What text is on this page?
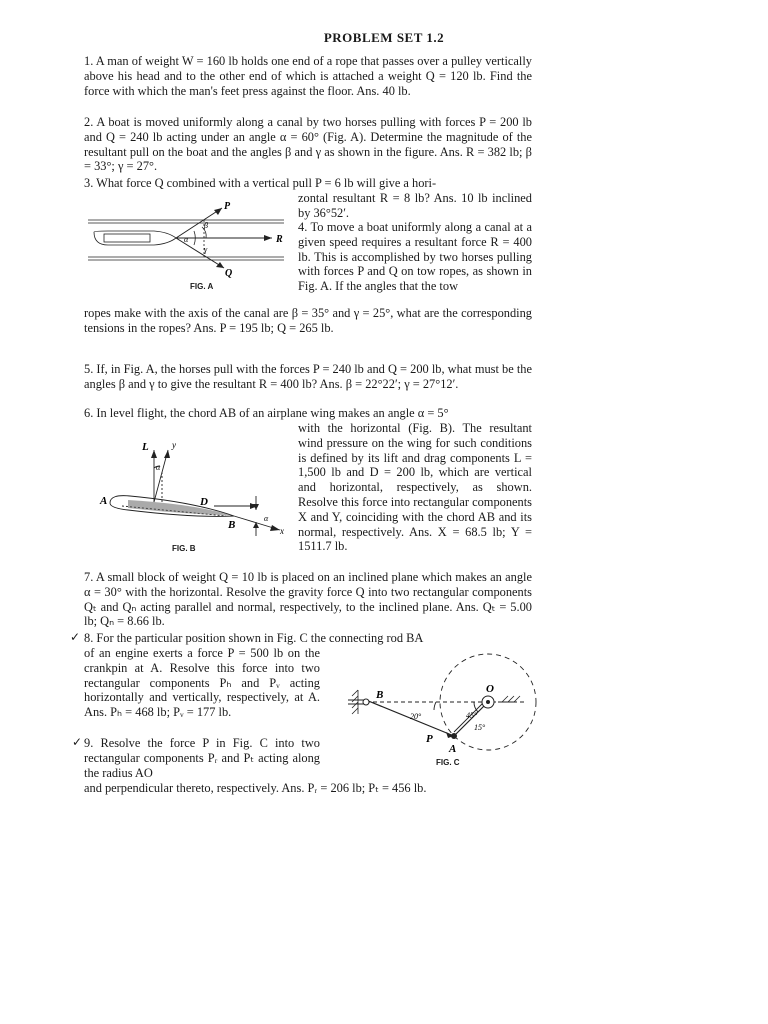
PROBLEM SET 1.2
1. A man of weight W = 160 lb holds one end of a rope that passes over a pulley vertically above his head and to the other end of which is attached a weight Q = 120 lb. Find the force with which the man's feet press against the floor. Ans. 40 lb.
2. A boat is moved uniformly along a canal by two horses pulling with forces P = 200 lb and Q = 240 lb acting under an angle α = 60° (Fig. A). Determine the magnitude of the resultant pull on the boat and the angles β and γ as shown in the figure. Ans. R = 382 lb; β = 33°; γ = 27°.
3. What force Q combined with a vertical pull P = 6 lb will give a hori-
zontal resultant R = 8 lb? Ans. 10 lb inclined by 36°52′.
4. To move a boat uniformly along a canal at a given speed requires a resultant force R = 400 lb. This is accomplished by two horses pulling with forces P and Q on tow ropes, as shown in Fig. A. If the angles that the tow
ropes make with the axis of the canal are β = 35° and γ = 25°, what are the corresponding tensions in the ropes? Ans. P = 195 lb; Q = 265 lb.
P
R
Q
α
β
γ
FIG. A
5. If, in Fig. A, the horses pull with the forces P = 240 lb and Q = 200 lb, what must be the angles β and γ to give the resultant R = 400 lb? Ans. β = 22°22′; γ = 27°12′.
6. In level flight, the chord AB of an airplane wing makes an angle α = 5°
with the horizontal (Fig. B). The resultant wind pressure on the wing for such conditions is defined by its lift and drag components L = 1,500 lb and D = 200 lb, which are vertical and horizontal, respectively, as shown. Resolve this force into rectangular components X and Y, coinciding with the chord AB and its normal, respectively. Ans. X = 68.5 lb; Y = 1511.7 lb.
L	y
α
A
B
D
α
x
FIG. B
7. A small block of weight Q = 10 lb is placed on an inclined plane which makes an angle α = 30° with the horizontal. Resolve the gravity force Q into two rectangular components Qₜ and Qₙ acting parallel and normal, respectively, to the inclined plane. Ans. Qₜ = 5.00 lb; Qₙ = 8.66 lb.
✓ 8. For the particular position shown in Fig. C the connecting rod BA
of an engine exerts a force P = 500 lb on the crankpin at A. Resolve this force into two rectangular components Pₕ and Pᵥ acting horizontally and vertically, respectively, at A. Ans. Pₕ = 468 lb; Pᵥ = 177 lb.
✓ 9. Resolve the force P in Fig. C into two rectangular components Pᵣ and Pₜ acting along the radius AO
and perpendicular thereto, respectively. Ans. Pᵣ = 206 lb; Pₜ = 456 lb.
B	O
P
A
20°	45°
15°
FIG. C
